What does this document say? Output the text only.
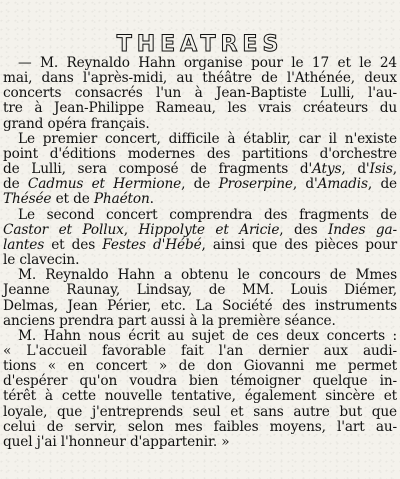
THEATRES
— M. Reynaldo Hahn organise pour le 17 et le 24
mai, dans l'après-midi, au théâtre de l'Athénée, deux
concerts consacrés l'un à Jean-Baptiste Lulli, l'au-
tre à Jean-Philippe Rameau, les vrais créateurs du
grand opéra français.
Le premier concert, difficile à établir, car il n'existe
point d'éditions modernes des partitions d'orchestre
de Lulli, sera composé de fragments d'Atys, d'Isis,
de Cadmus et Hermione, de Proserpine, d'Amadis, de
Thésée et de Phaéton.
Le second concert comprendra des fragments de
Castor et Pollux, Hippolyte et Aricie, des Indes ga-
lantes et des Festes d'Hébé, ainsi que des pièces pour
le clavecin.
M. Reynaldo Hahn a obtenu le concours de Mmes
Jeanne Raunay, Lindsay, de MM. Louis Diémer,
Delmas, Jean Périer, etc. La Société des instruments
anciens prendra part aussi à la première séance.
M. Hahn nous écrit au sujet de ces deux concerts :
« L'accueil favorable fait l'an dernier aux audi-
tions « en concert » de don Giovanni me permet
d'espérer qu'on voudra bien témoigner quelque in-
térêt à cette nouvelle tentative, également sincère et
loyale, que j'entreprends seul et sans autre but que
celui de servir, selon mes faibles moyens, l'art au-
quel j'ai l'honneur d'appartenir. »
